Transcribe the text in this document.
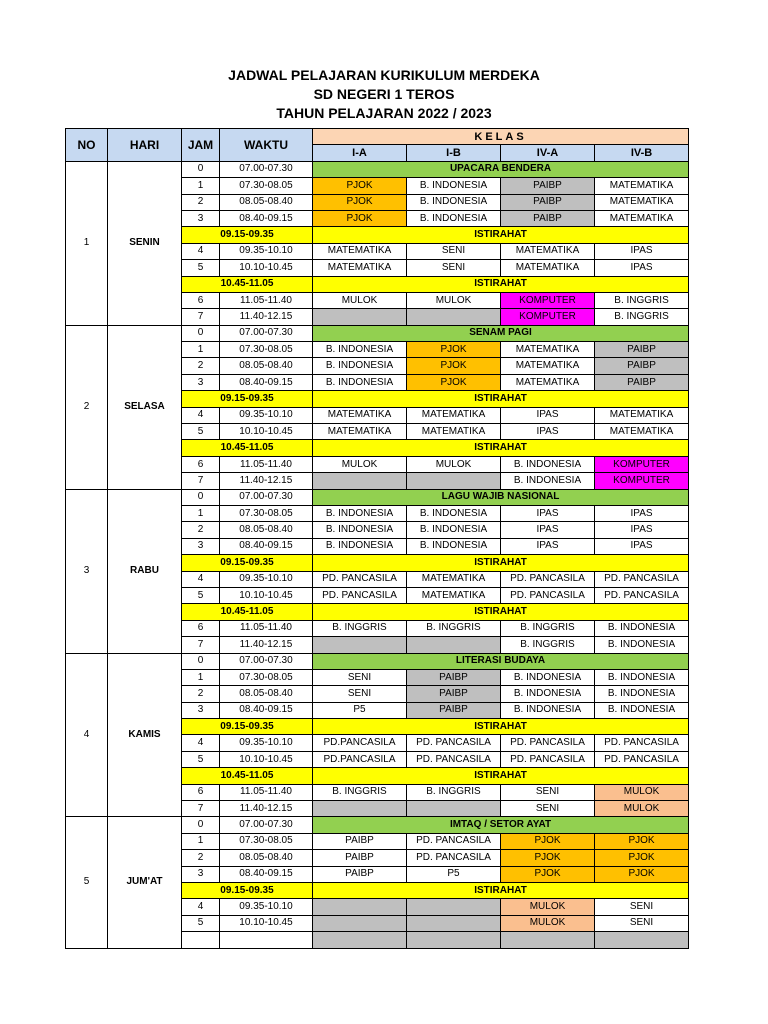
JADWAL PELAJARAN KURIKULUM MERDEKA
SD NEGERI 1 TEROS
TAHUN PELAJARAN 2022 / 2023
NO	HARI	JAM	WAKTU	KELAS			
				I-A	I-B	IV-A	IV-B
1	SENIN	0	07.00-07.30	UPACARA BENDERA			
		1	07.30-08.05	PJOK	B. INDONESIA	PAIBP	MATEMATIKA
		2	08.05-08.40	PJOK	B. INDONESIA	PAIBP	MATEMATIKA
		3	08.40-09.15	PJOK	B. INDONESIA	PAIBP	MATEMATIKA
		09.15-09.35		ISTIRAHAT			
		4	09.35-10.10	MATEMATIKA	SENI	MATEMATIKA	IPAS
		5	10.10-10.45	MATEMATIKA	SENI	MATEMATIKA	IPAS
		10.45-11.05		ISTIRAHAT			
		6	11.05-11.40	MULOK	MULOK	KOMPUTER	B. INGGRIS
		7	11.40-12.15			KOMPUTER	B. INGGRIS
2	SELASA	0	07.00-07.30	SENAM PAGI			
		1	07.30-08.05	B. INDONESIA	PJOK	MATEMATIKA	PAIBP
		2	08.05-08.40	B. INDONESIA	PJOK	MATEMATIKA	PAIBP
		3	08.40-09.15	B. INDONESIA	PJOK	MATEMATIKA	PAIBP
		09.15-09.35		ISTIRAHAT			
		4	09.35-10.10	MATEMATIKA	MATEMATIKA	IPAS	MATEMATIKA
		5	10.10-10.45	MATEMATIKA	MATEMATIKA	IPAS	MATEMATIKA
		10.45-11.05		ISTIRAHAT			
		6	11.05-11.40	MULOK	MULOK	B. INDONESIA	KOMPUTER
		7	11.40-12.15			B. INDONESIA	KOMPUTER
3	RABU	0	07.00-07.30	LAGU WAJIB NASIONAL			
		1	07.30-08.05	B. INDONESIA	B. INDONESIA	IPAS	IPAS
		2	08.05-08.40	B. INDONESIA	B. INDONESIA	IPAS	IPAS
		3	08.40-09.15	B. INDONESIA	B. INDONESIA	IPAS	IPAS
		09.15-09.35		ISTIRAHAT			
		4	09.35-10.10	PD. PANCASILA	MATEMATIKA	PD. PANCASILA	PD. PANCASILA
		5	10.10-10.45	PD. PANCASILA	MATEMATIKA	PD. PANCASILA	PD. PANCASILA
		10.45-11.05		ISTIRAHAT			
		6	11.05-11.40	B. INGGRIS	B. INGGRIS	B. INGGRIS	B. INDONESIA
		7	11.40-12.15			B. INGGRIS	B. INDONESIA
4	KAMIS	0	07.00-07.30	LITERASI BUDAYA			
		1	07.30-08.05	SENI	PAIBP	B. INDONESIA	B. INDONESIA
		2	08.05-08.40	SENI	PAIBP	B. INDONESIA	B. INDONESIA
		3	08.40-09.15	P5	PAIBP	B. INDONESIA	B. INDONESIA
		09.15-09.35		ISTIRAHAT			
		4	09.35-10.10	PD.PANCASILA	PD. PANCASILA	PD. PANCASILA	PD. PANCASILA
		5	10.10-10.45	PD.PANCASILA	PD. PANCASILA	PD. PANCASILA	PD. PANCASILA
		10.45-11.05		ISTIRAHAT			
		6	11.05-11.40	B. INGGRIS	B. INGGRIS	SENI	MULOK
		7	11.40-12.15			SENI	MULOK
5	JUM'AT	0	07.00-07.30	IMTAQ / SETOR AYAT			
		1	07.30-08.05	PAIBP	PD. PANCASILA	PJOK	PJOK
		2	08.05-08.40	PAIBP	PD. PANCASILA	PJOK	PJOK
		3	08.40-09.15	PAIBP	P5	PJOK	PJOK
		09.15-09.35		ISTIRAHAT			
		4	09.35-10.10			MULOK	SENI
		5	10.10-10.45			MULOK	SENI
